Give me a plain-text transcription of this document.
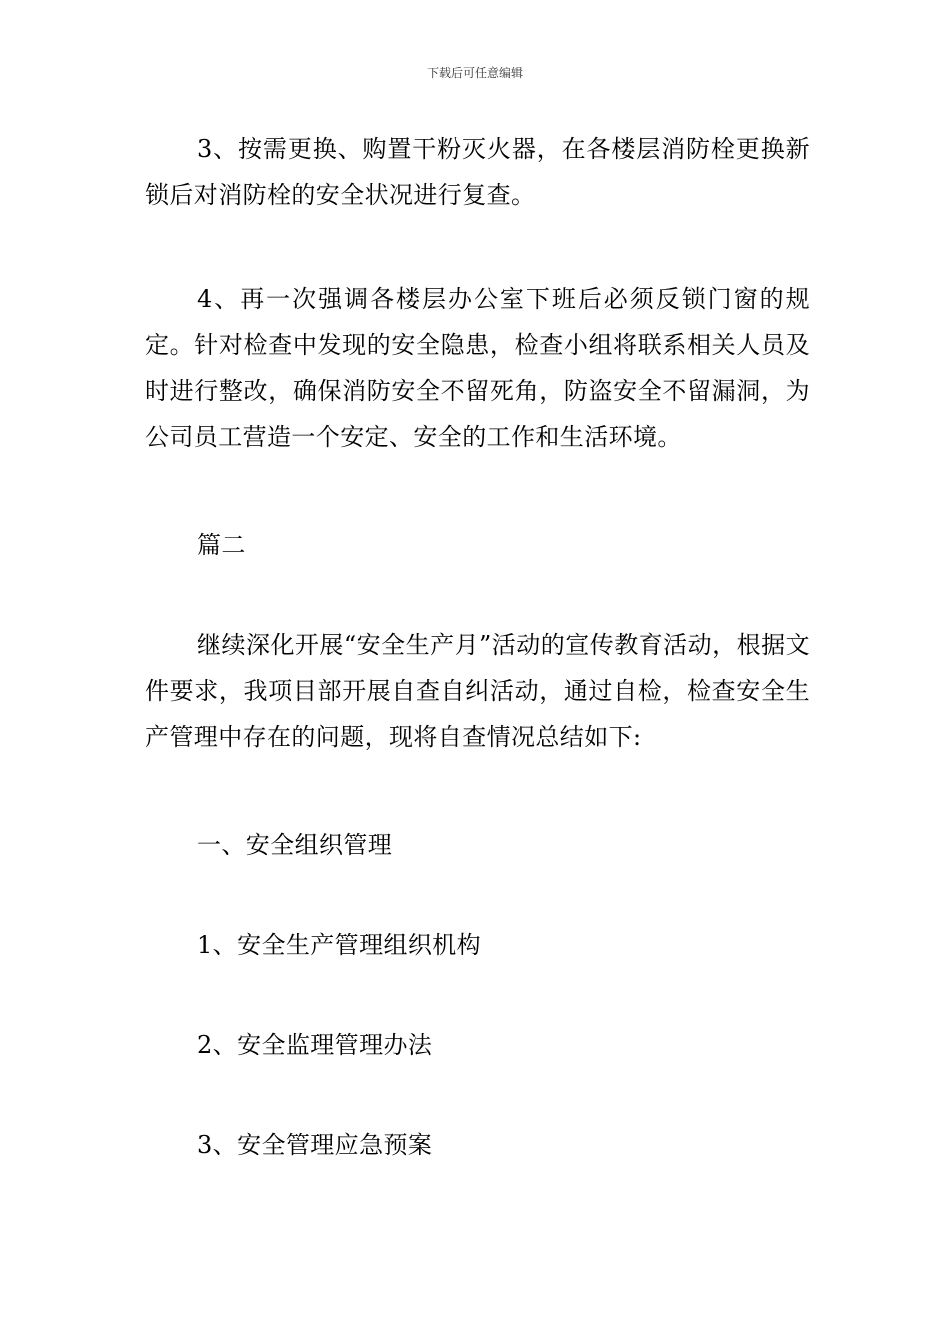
下载后可任意编辑
3、按需更换、购置干粉灭火器，在各楼层消防栓更换新锁后对消防栓的安全状况进行复查。
4、再一次强调各楼层办公室下班后必须反锁门窗的规定。针对检查中发现的安全隐患，检查小组将联系相关人员及时进行整改，确保消防安全不留死角，防盗安全不留漏洞，为公司员工营造一个安定、安全的工作和生活环境。
篇二
继续深化开展“安全生产月”活动的宣传教育活动，根据文件要求，我项目部开展自查自纠活动，通过自检，检查安全生产管理中存在的问题，现将自查情况总结如下:
一、安全组织管理
1、安全生产管理组织机构
2、安全监理管理办法
3、安全管理应急预案
